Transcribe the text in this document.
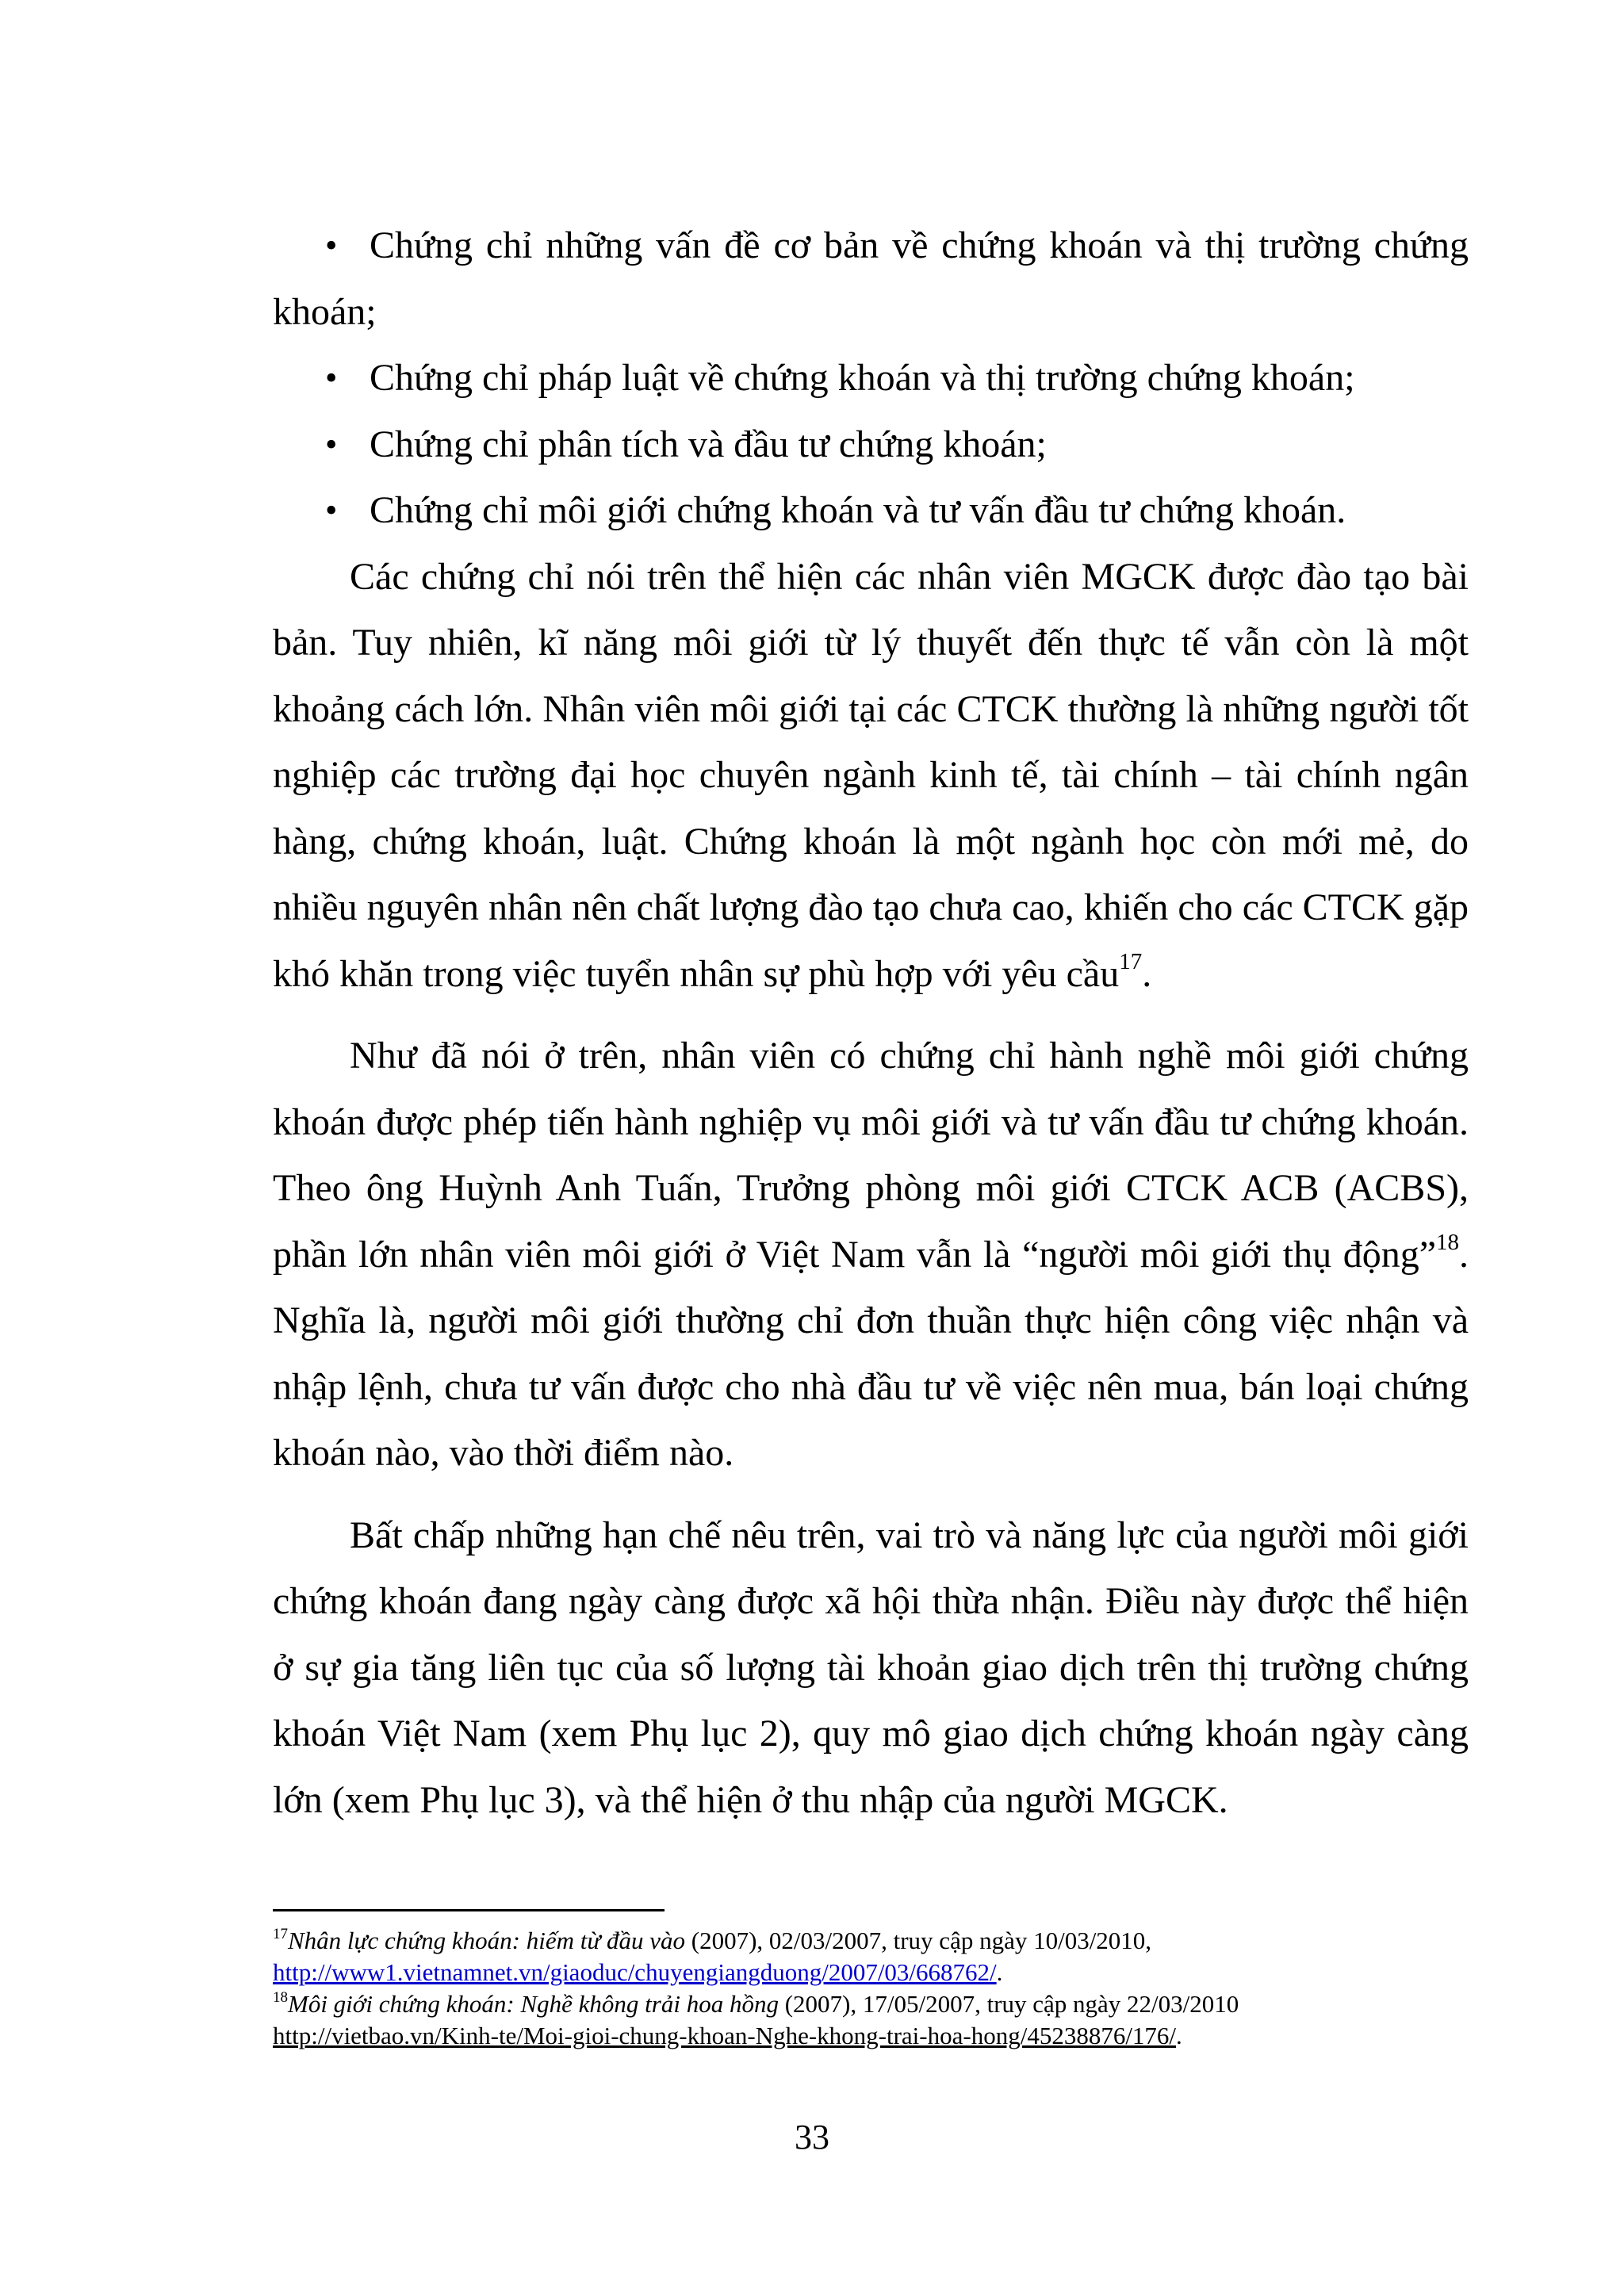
• Chứng chỉ những vấn đề cơ bản về chứng khoán và thị trường chứng khoán;
• Chứng chỉ pháp luật về chứng khoán và thị trường chứng khoán;
• Chứng chỉ phân tích và đầu tư chứng khoán;
• Chứng chỉ môi giới chứng khoán và tư vấn đầu tư chứng khoán.

Các chứng chỉ nói trên thể hiện các nhân viên MGCK được đào tạo bài bản. Tuy nhiên, kĩ năng môi giới từ lý thuyết đến thực tế vẫn còn là một khoảng cách lớn. Nhân viên môi giới tại các CTCK thường là những người tốt nghiệp các trường đại học chuyên ngành kinh tế, tài chính – tài chính ngân hàng, chứng khoán, luật. Chứng khoán là một ngành học còn mới mẻ, do nhiều nguyên nhân nên chất lượng đào tạo chưa cao, khiến cho các CTCK gặp khó khăn trong việc tuyển nhân sự phù hợp với yêu cầu$^{17}$.

Như đã nói ở trên, nhân viên có chứng chỉ hành nghề môi giới chứng khoán được phép tiến hành nghiệp vụ môi giới và tư vấn đầu tư chứng khoán. Theo ông Huỳnh Anh Tuấn, Trưởng phòng môi giới CTCK ACB (ACBS), phần lớn nhân viên môi giới ở Việt Nam vẫn là “người môi giới thụ động”$^{18}$. Nghĩa là, người môi giới thường chỉ đơn thuần thực hiện công việc nhận và nhập lệnh, chưa tư vấn được cho nhà đầu tư về việc nên mua, bán loại chứng khoán nào, vào thời điểm nào.

Bất chấp những hạn chế nêu trên, vai trò và năng lực của người môi giới chứng khoán đang ngày càng được xã hội thừa nhận. Điều này được thể hiện ở sự gia tăng liên tục của số lượng tài khoản giao dịch trên thị trường chứng khoán Việt Nam (xem Phụ lục 2), quy mô giao dịch chứng khoán ngày càng lớn (xem Phụ lục 3), và thể hiện ở thu nhập của người MGCK.

$^{17}$Nhân lực chứng khoán: hiếm từ đầu vào (2007), 02/03/2007, truy cập ngày 10/03/2010,
http://www1.vietnamnet.vn/giaoduc/chuyengiangduong/2007/03/668762/.

$^{18}$Môi giới chứng khoán: Nghề không trải hoa hồng (2007), 17/05/2007, truy cập ngày 22/03/2010
http://vietbao.vn/Kinh-te/Moi-gioi-chung-khoan-Nghe-khong-trai-hoa-hong/45238876/176/.

33
